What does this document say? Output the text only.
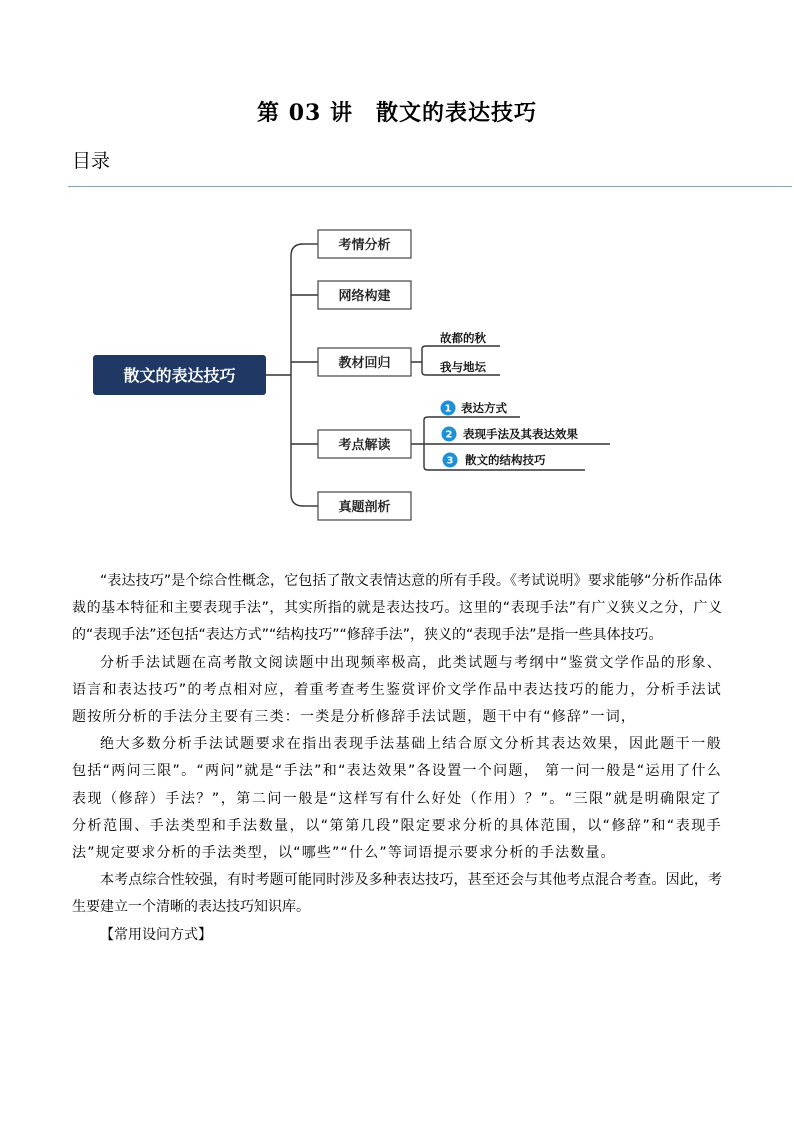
第 03 讲　散文的表达技巧
目录
散文的表达技巧
考情分析
网络构建
教材回归
考点解读
真题剖析
故都的秋
我与地坛
1 表达方式
2 表现手法及其表达效果
3 散文的结构技巧

“表达技巧”是个综合性概念，它包括了散文表情达意的所有手段。《考试说明》要求能够“分析作品体裁的基本特征和主要表现手法”，其实所指的就是表达技巧。这里的“表现手法”有广义狭义之分，广义的“表现手法”还包括“表达方式”“结构技巧”“修辞手法”，狭义的“表现手法”是指一些具体技巧。

分析手法试题在高考散文阅读题中出现频率极高，此类试题与考纲中“鉴赏文学作品的形象、语言和表达技巧”的考点相对应，着重考查考生鉴赏评价文学作品中表达技巧的能力，分析手法试题按所分析的手法分主要有三类：一类是分析修辞手法试题，题干中有“修辞”一词，

绝大多数分析手法试题要求在指出表现手法基础上结合原文分析其表达效果，因此题干一般包括“两问三限”。“两问”就是“手法”和“表达效果”各设置一个问题， 第一问一般是“运用了什么表现（修辞）手法？”，第二问一般是“这样写有什么好处（作用）？”。“三限”就是明确限定了分析范围、手法类型和手法数量，以“第第几段”限定要求分析的具体范围，以“修辞”和“表现手法”规定要求分析的手法类型，以“哪些”“什么”等词语提示要求分析的手法数量。

本考点综合性较强，有时考题可能同时涉及多种表达技巧，甚至还会与其他考点混合考查。因此，考生要建立一个清晰的表达技巧知识库。

【常用设问方式】
